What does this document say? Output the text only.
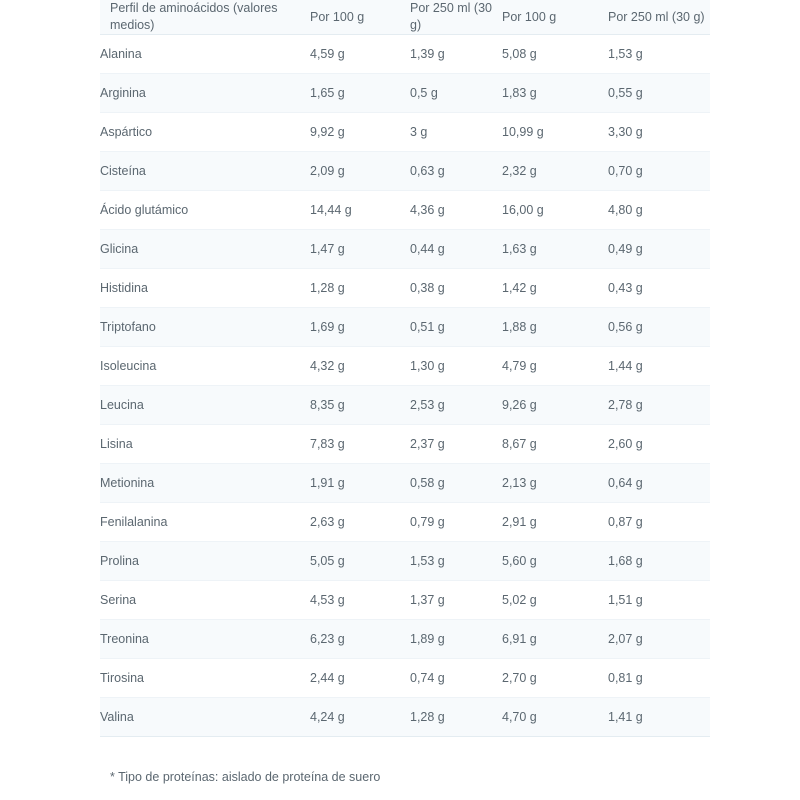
Perfil de aminoácidos (valores medios)	Por 100 g	Por 250 ml (30 g)	Por 100 g	Por 250 ml (30 g)
Alanina	4,59 g	1,39 g	5,08 g	1,53 g
Arginina	1,65 g	0,5 g	1,83 g	0,55 g
Aspártico	9,92 g	3 g	10,99 g	3,30 g
Cisteína	2,09 g	0,63 g	2,32 g	0,70 g
Ácido glutámico	14,44 g	4,36 g	16,00 g	4,80 g
Glicina	1,47 g	0,44 g	1,63 g	0,49 g
Histidina	1,28 g	0,38 g	1,42 g	0,43 g
Triptofano	1,69 g	0,51 g	1,88 g	0,56 g
Isoleucina	4,32 g	1,30 g	4,79 g	1,44 g
Leucina	8,35 g	2,53 g	9,26 g	2,78 g
Lisina	7,83 g	2,37 g	8,67 g	2,60 g
Metionina	1,91 g	0,58 g	2,13 g	0,64 g
Fenilalanina	2,63 g	0,79 g	2,91 g	0,87 g
Prolina	5,05 g	1,53 g	5,60 g	1,68 g
Serina	4,53 g	1,37 g	5,02 g	1,51 g
Treonina	6,23 g	1,89 g	6,91 g	2,07 g
Tirosina	2,44 g	0,74 g	2,70 g	0,81 g
Valina	4,24 g	1,28 g	4,70 g	1,41 g
* Tipo de proteínas: aislado de proteína de suero
